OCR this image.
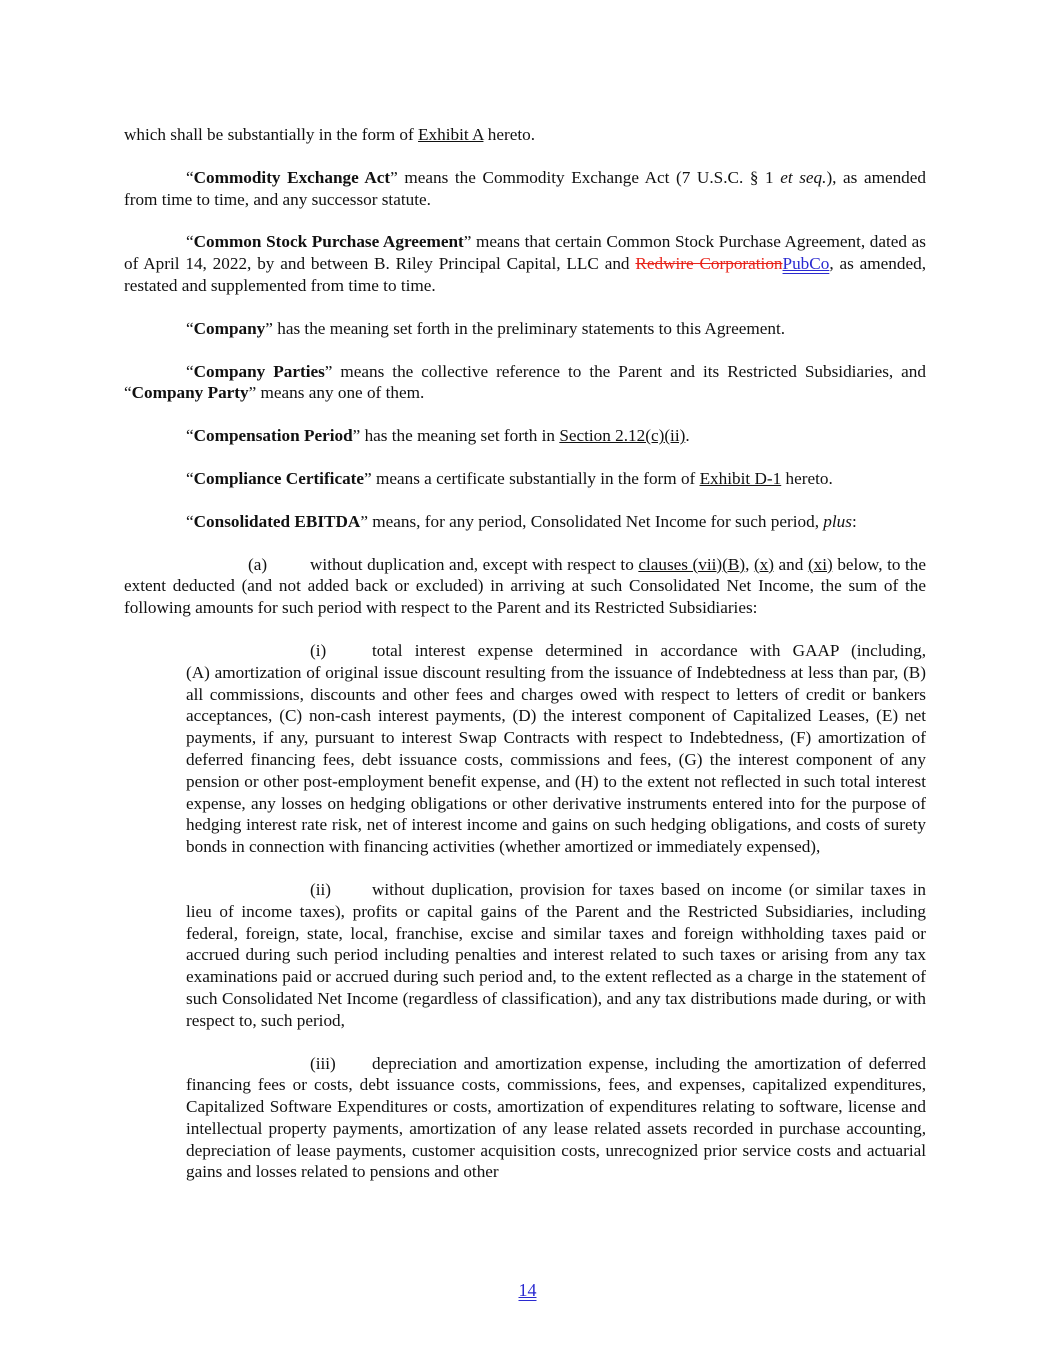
which shall be substantially in the form of Exhibit A hereto.

“Commodity Exchange Act” means the Commodity Exchange Act (7 U.S.C. § 1 et seq.), as amended from time to time, and any successor statute.

“Common Stock Purchase Agreement” means that certain Common Stock Purchase Agreement, dated as of April 14, 2022, by and between B. Riley Principal Capital, LLC and Redwire CorporationPubCo, as amended, restated and supplemented from time to time.

“Company” has the meaning set forth in the preliminary statements to this Agreement.

“Company Parties” means the collective reference to the Parent and its Restricted Subsidiaries, and “Company Party” means any one of them.

“Compensation Period” has the meaning set forth in Section 2.12(c)(ii).

“Compliance Certificate” means a certificate substantially in the form of Exhibit D-1 hereto.

“Consolidated EBITDA” means, for any period, Consolidated Net Income for such period, plus:

(a) without duplication and, except with respect to clauses (vii)(B), (x) and (xi) below, to the extent deducted (and not added back or excluded) in arriving at such Consolidated Net Income, the sum of the following amounts for such period with respect to the Parent and its Restricted Subsidiaries:

(i)	total interest expense determined in accordance with GAAP (including, (A) amortization of original issue discount resulting from the issuance of Indebtedness at less than par, (B) all commissions, discounts and other fees and charges owed with respect to letters of credit or bankers acceptances, (C) non-cash interest payments, (D) the interest component of Capitalized Leases, (E) net payments, if any, pursuant to interest Swap Contracts with respect to Indebtedness, (F) amortization of deferred financing fees, debt issuance costs, commissions and fees, (G) the interest component of any pension or other post-employment benefit expense, and (H) to the extent not reflected in such total interest expense, any losses on hedging obligations or other derivative instruments entered into for the purpose of hedging interest rate risk, net of interest income and gains on such hedging obligations, and costs of surety bonds in connection with financing activities (whether amortized or immediately expensed),

(ii) without duplication, provision for taxes based on income (or similar taxes in lieu of income taxes), profits or capital gains of the Parent and the Restricted Subsidiaries, including federal, foreign, state, local, franchise, excise and similar taxes and foreign withholding taxes paid or accrued during such period including penalties and interest related to such taxes or arising from any tax examinations paid or accrued during such period and, to the extent reflected as a charge in the statement of such Consolidated Net Income (regardless of classification), and any tax distributions made during, or with respect to, such period,

(iii) depreciation and amortization expense, including the amortization of deferred financing fees or costs, debt issuance costs, commissions, fees, and expenses, capitalized expenditures, Capitalized Software Expenditures or costs, amortization of expenditures relating to software, license and intellectual property payments, amortization of any lease related assets recorded in purchase accounting, depreciation of lease payments, customer acquisition costs, unrecognized prior service costs and actuarial gains and losses related to pensions and other

14
